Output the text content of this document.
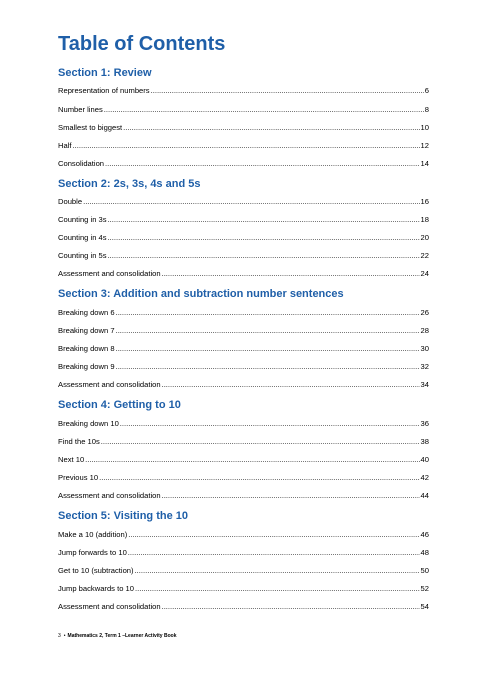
Table of Contents
Section 1: Review
Representation of numbers .....	6
Number lines .....	8
Smallest to biggest .....	10
Half .....	12
Consolidation .....	14
Section 2: 2s, 3s, 4s and 5s
Double .....	16
Counting in 3s .....	18
Counting in 4s .....	20
Counting in 5s .....	22
Assessment and consolidation .....	24
Section 3: Addition and subtraction number sentences
Breaking down 6 .....	26
Breaking down 7 .....	28
Breaking down 8 .....	30
Breaking down 9 .....	32
Assessment and consolidation .....	34
Section 4: Getting to 10
Breaking down 10 .....	36
Find the 10s .....	38
Next 10 .....	40
Previous 10 .....	42
Assessment and consolidation .....	44
Section 5: Visiting the 10
Make a 10 (addition) .....	46
Jump forwards to 10 .....	48
Get to 10 (subtraction) .....	50
Jump backwards to 10 .....	52
Assessment and consolidation .....	54
3 • Mathematics 2, Term 1 –Learner Activity Book
